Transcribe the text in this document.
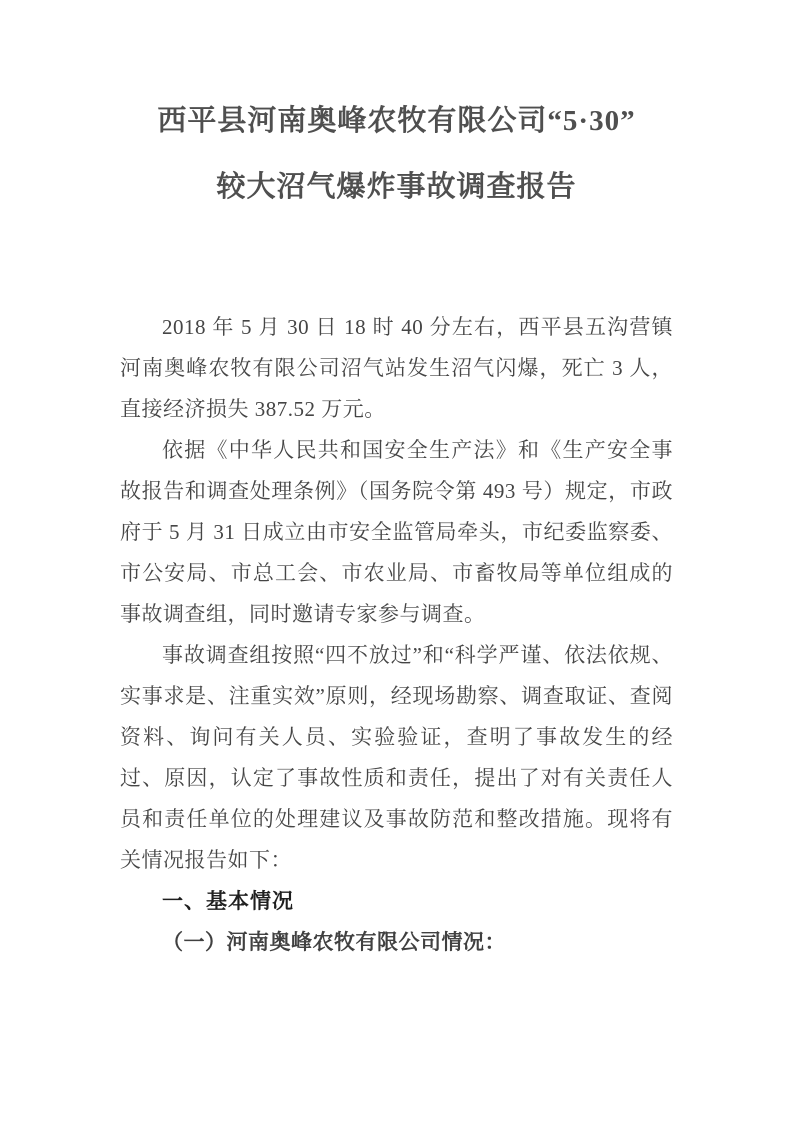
西平县河南奥峰农牧有限公司“5·30”
较大沼气爆炸事故调查报告

2018 年 5 月 30 日 18 时 40 分左右，西平县五沟营镇河南奥峰农牧有限公司沼气站发生沼气闪爆，死亡 3 人，直接经济损失 387.52 万元。

依据《中华人民共和国安全生产法》和《生产安全事故报告和调查处理条例》（国务院令第 493 号）规定，市政府于 5 月 31 日成立由市安全监管局牵头，市纪委监察委、市公安局、市总工会、市农业局、市畜牧局等单位组成的事故调查组，同时邀请专家参与调查。

事故调查组按照“四不放过”和“科学严谨、依法依规、实事求是、注重实效”原则，经现场勘察、调查取证、查阅资料、询问有关人员、实验验证，查明了事故发生的经过、原因，认定了事故性质和责任，提出了对有关责任人员和责任单位的处理建议及事故防范和整改措施。现将有关情况报告如下：

一、基本情况

（一）河南奥峰农牧有限公司情况：
